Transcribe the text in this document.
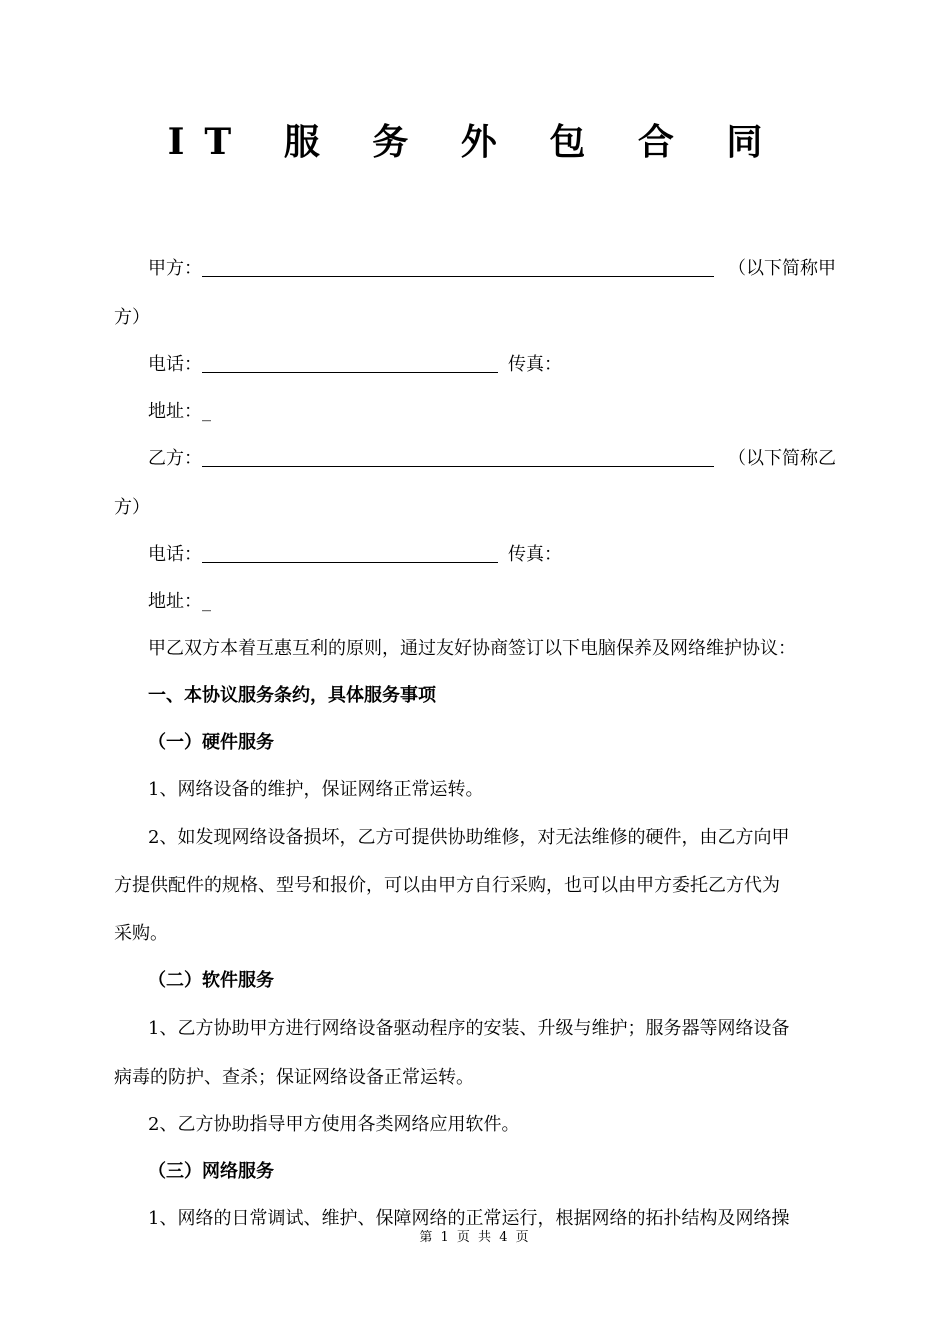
IT 服 务 外 包 合 同
甲方：	（以下简称甲
方）
电话：	传真：
地址：_
乙方：	（以下简称乙
方）
电话：	传真：
地址：_
甲乙双方本着互惠互利的原则，通过友好协商签订以下电脑保养及网络维护协议：
一、本协议服务条约，具体服务事项
（一）硬件服务
1、网络设备的维护，保证网络正常运转。
2、如发现网络设备损坏，乙方可提供协助维修，对无法维修的硬件，由乙方向甲
方提供配件的规格、型号和报价，可以由甲方自行采购，也可以由甲方委托乙方代为
采购。
（二）软件服务
1、乙方协助甲方进行网络设备驱动程序的安装、升级与维护；服务器等网络设备
病毒的防护、查杀；保证网络设备正常运转。
2、乙方协助指导甲方使用各类网络应用软件。
（三）网络服务
1、网络的日常调试、维护、保障网络的正常运行，根据网络的拓扑结构及网络操
第 1 页 共 4 页
